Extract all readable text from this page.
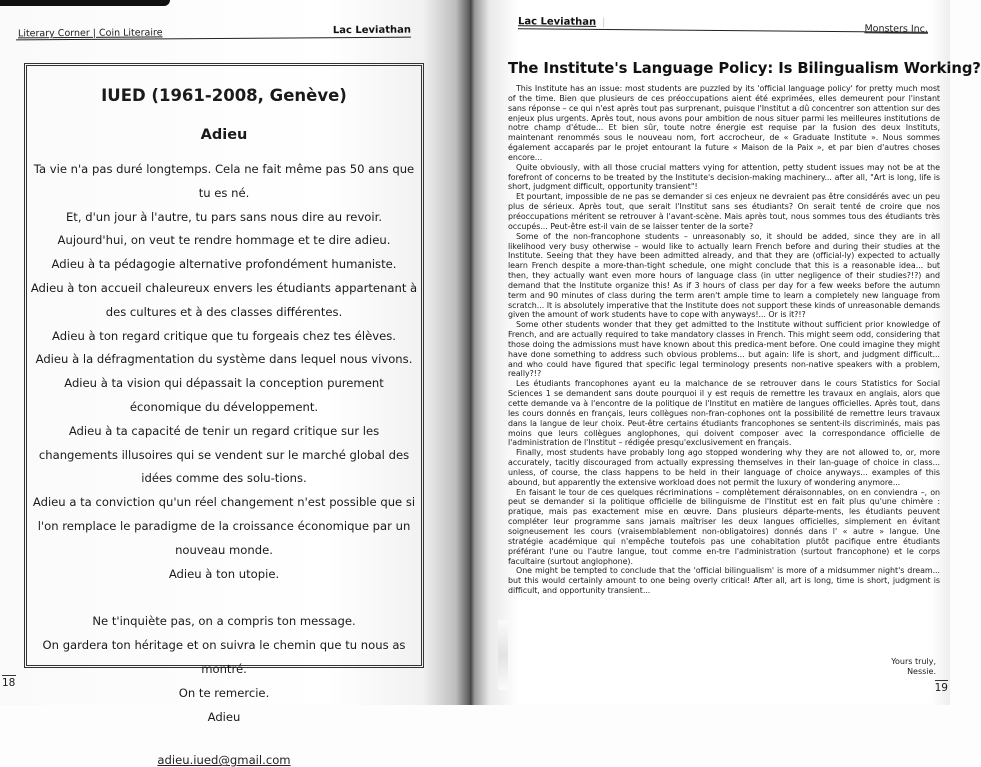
Literary Corner | Coin Literaire	Lac Leviathan
IUED (1961-2008, Genève)
Adieu

Ta vie n'a pas duré longtemps. Cela ne fait même pas 50 ans que tu es né.

Et, d'un jour à l'autre, tu pars sans nous dire au revoir.

Aujourd'hui, on veut te rendre hommage et te dire adieu.

Adieu à ta pédagogie alternative profondément humaniste.

Adieu à ton accueil chaleureux envers les étudiants appartenant à des cultures et à des classes différentes.

Adieu à ton regard critique que tu forgeais chez tes élèves.

Adieu à la défragmentation du système dans lequel nous vivons.

Adieu à ta vision qui dépassait la conception purement économique du développement.

Adieu à ta capacité de tenir un regard critique sur les changements illusoires qui se vendent sur le marché global des idées comme des solu-tions.

Adieu a ta conviction qu'un réel changement n'est possible que si l'on remplace le paradigme de la croissance économique par un nouveau monde.

Adieu à ton utopie.

Ne t'inquiète pas, on a compris ton message.

On gardera ton héritage et on suivra le chemin que tu nous as montré.

On te remercie.

Adieu

adieu.iued@gmail.com
18
Lac Leviathan |
Monsters Inc.
The Institute's Language Policy: Is Bilingualism Working?

This Institute has an issue: most students are puzzled by its 'official language policy' for pretty much most of the time. Bien que plusieurs de ces préoccupations aient été exprimées, elles demeurent pour l'instant sans réponse – ce qui n'est après tout pas surprenant, puisque l'Institut a dû concentrer son attention sur des enjeux plus urgents. Après tout, nous avons pour ambition de nous situer parmi les meilleures institutions de notre champ d'étude... Et bien sûr, toute notre énergie est requise par la fusion des deux Instituts, maintenant renommés sous le nouveau nom, fort accrocheur, de « Graduate Institute ». Nous sommes également accaparés par le projet entourant la future « Maison de la Paix », et par bien d'autres choses encore...

Quite obviously, with all those crucial matters vying for attention, petty student issues may not be at the forefront of concerns to be treated by the Institute's decision-making machinery... after all, "Art is long, life is short, judgment difficult, opportunity transient"!

Et pourtant, impossible de ne pas se demander si ces enjeux ne devraient pas être considérés avec un peu plus de sérieux. Après tout, que serait l'Institut sans ses étudiants? On serait tenté de croire que nos préoccupations méritent se retrouver à l'avant-scène. Mais après tout, nous sommes tous des étudiants très occupés... Peut-être est-il vain de se laisser tenter de la sorte?

Some of the non-francophone students – unreasonably so, it should be added, since they are in all likelihood very busy otherwise – would like to actually learn French before and during their studies at the Institute. Seeing that they have been admitted already, and that they are (official-ly) expected to actually learn French despite a more-than-tight schedule, one might conclude that this is a reasonable idea... but then, they actually want even more hours of language class (in utter negligence of their studies?!?) and demand that the Institute organize this! As if 3 hours of class per day for a few weeks before the autumn term and 90 minutes of class during the term aren't ample time to learn a completely new language from scratch... It is absolutely imperative that the Institute does not support these kinds of unreasonable demands given the amount of work students have to cope with anyways!... Or is it?!?

Some other students wonder that they get admitted to the Institute without sufficient prior knowledge of French, and are actually required to take mandatory classes in French. This might seem odd, considering that those doing the admissions must have known about this predica-ment before. One could imagine they might have done something to address such obvious problems... but again: life is short, and judgment difficult... and who could have figured that specific legal terminology presents non-native speakers with a problem, really?!?

Les étudiants francophones ayant eu la malchance de se retrouver dans le cours Statistics for Social Sciences 1 se demandent sans doute pourquoi il y est requis de remettre les travaux en anglais, alors que cette demande va à l'encontre de la politique de l'Institut en matière de langues officielles. Après tout, dans les cours donnés en français, leurs collègues non-fran-cophones ont la possibilité de remettre leurs travaux dans la langue de leur choix. Peut-être certains étudiants francophones se sentent-ils discriminés, mais pas moins que leurs collègues anglophones, qui doivent composer avec la correspondance officielle de l'administration de l'Institut – rédigée presqu'exclusivement en français.

Finally, most students have probably long ago stopped wondering why they are not allowed to, or, more accurately, tacitly discouraged from actually expressing themselves in their lan-guage of choice in class... unless, of course, the class happens to be held in their language of choice anyways... examples of this abound, but apparently the extensive workload does not permit the luxury of wondering anymore...

En faisant le tour de ces quelques récriminations – complètement déraisonnables, on en conviendra –, on peut se demander si la politique officielle de bilinguisme de l'Institut est en fait plus qu'une chimère : pratique, mais pas exactement mise en œuvre. Dans plusieurs départe-ments, les étudiants peuvent compléter leur programme sans jamais maîtriser les deux langues officielles, simplement en évitant soigneusement les cours (vraisemblablement non-obligatoires) donnés dans l' « autre » langue. Une stratégie académique qui n'empêche toutefois pas une cohabitation plutôt pacifique entre étudiants préférant l'une ou l'autre langue, tout comme en-tre l'administration (surtout francophone) et le corps facultaire (surtout anglophone).

One might be tempted to conclude that the 'official bilingualism' is more of a midsummer night's dream... but this would certainly amount to one being overly critical! After all, art is long, time is short, judgment is difficult, and opportunity transient...

Yours truly,
Nessie.
19
